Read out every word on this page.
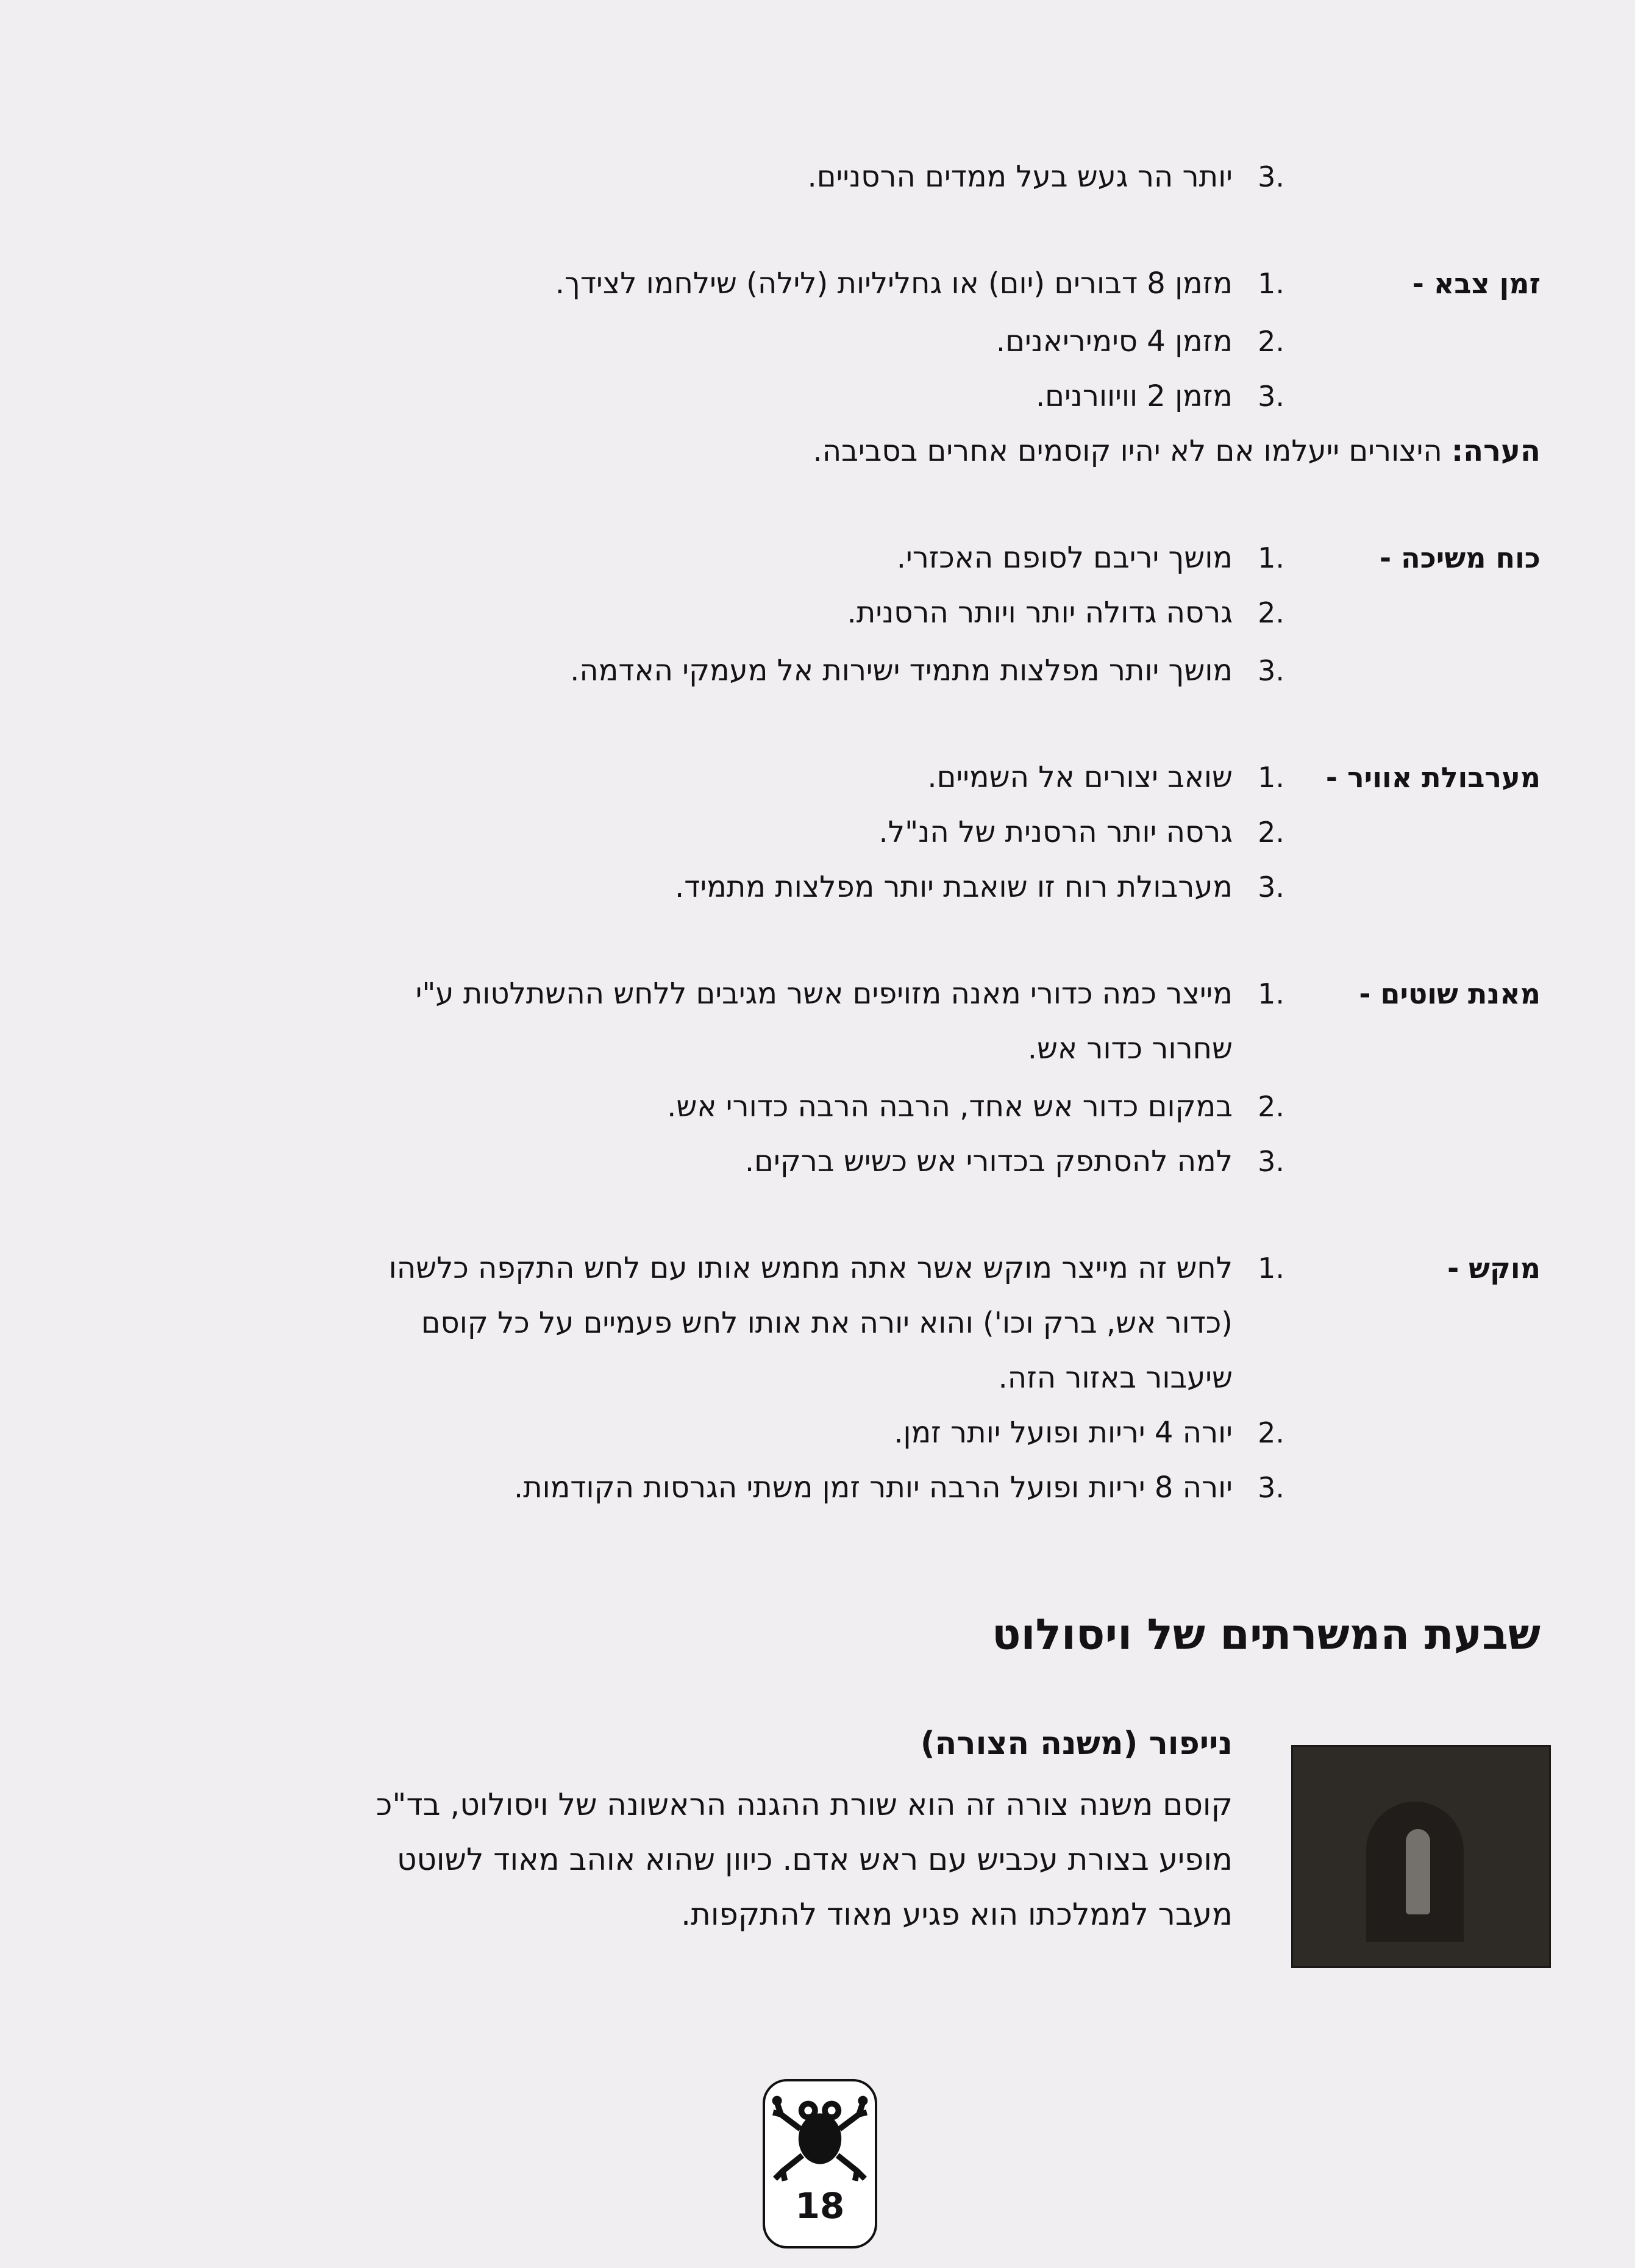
3.
יותר הר געש בעל ממדים הרסניים.
זמן צבא -
1.
מזמן 8 דבורים (יום) או גחליליות (לילה) שילחמו לצידך.
2.
מזמן 4 סימיריאנים.
3.
מזמן 2 וויוורנים.
הערה: היצורים ייעלמו אם לא יהיו קוסמים אחרים בסביבה.
כוח משיכה -
1.
מושך יריבם לסופם האכזרי.
2.
גרסה גדולה יותר ויותר הרסנית.
3.
מושך יותר מפלצות מתמיד ישירות אל מעמקי האדמה.
מערבולת אוויר -
1.
שואב יצורים אל השמיים.
2.
גרסה יותר הרסנית של הנ"ל.
3.
מערבולת רוח זו שואבת יותר מפלצות מתמיד.
מאנת שוטים -
1.
מייצר כמה כדורי מאנה מזויפים אשר מגיבים ללחש ההשתלטות ע"י
שחרור כדור אש.
2.
במקום כדור אש אחד, הרבה הרבה כדורי אש.
3.
למה להסתפק בכדורי אש כשיש ברקים.
מוקש -
1.
לחש זה מייצר מוקש אשר אתה מחמש אותו עם לחש התקפה כלשהו
(כדור אש, ברק וכו') והוא יורה את אותו לחש פעמיים על כל קוסם
שיעבור באזור הזה.
2.
יורה 4 יריות ופועל יותר זמן.
3.
יורה 8 יריות ופועל הרבה יותר זמן משתי הגרסות הקודמות.
שבעת המשרתים של ויסולוט
נייפור (משנה הצורה)
קוסם משנה צורה זה הוא שורת ההגנה הראשונה של ויסולוט, בד"כ
מופיע בצורת עכביש עם ראש אדם. כיוון שהוא אוהב מאוד לשוטט
מעבר לממלכתו הוא פגיע מאוד להתקפות.
18
